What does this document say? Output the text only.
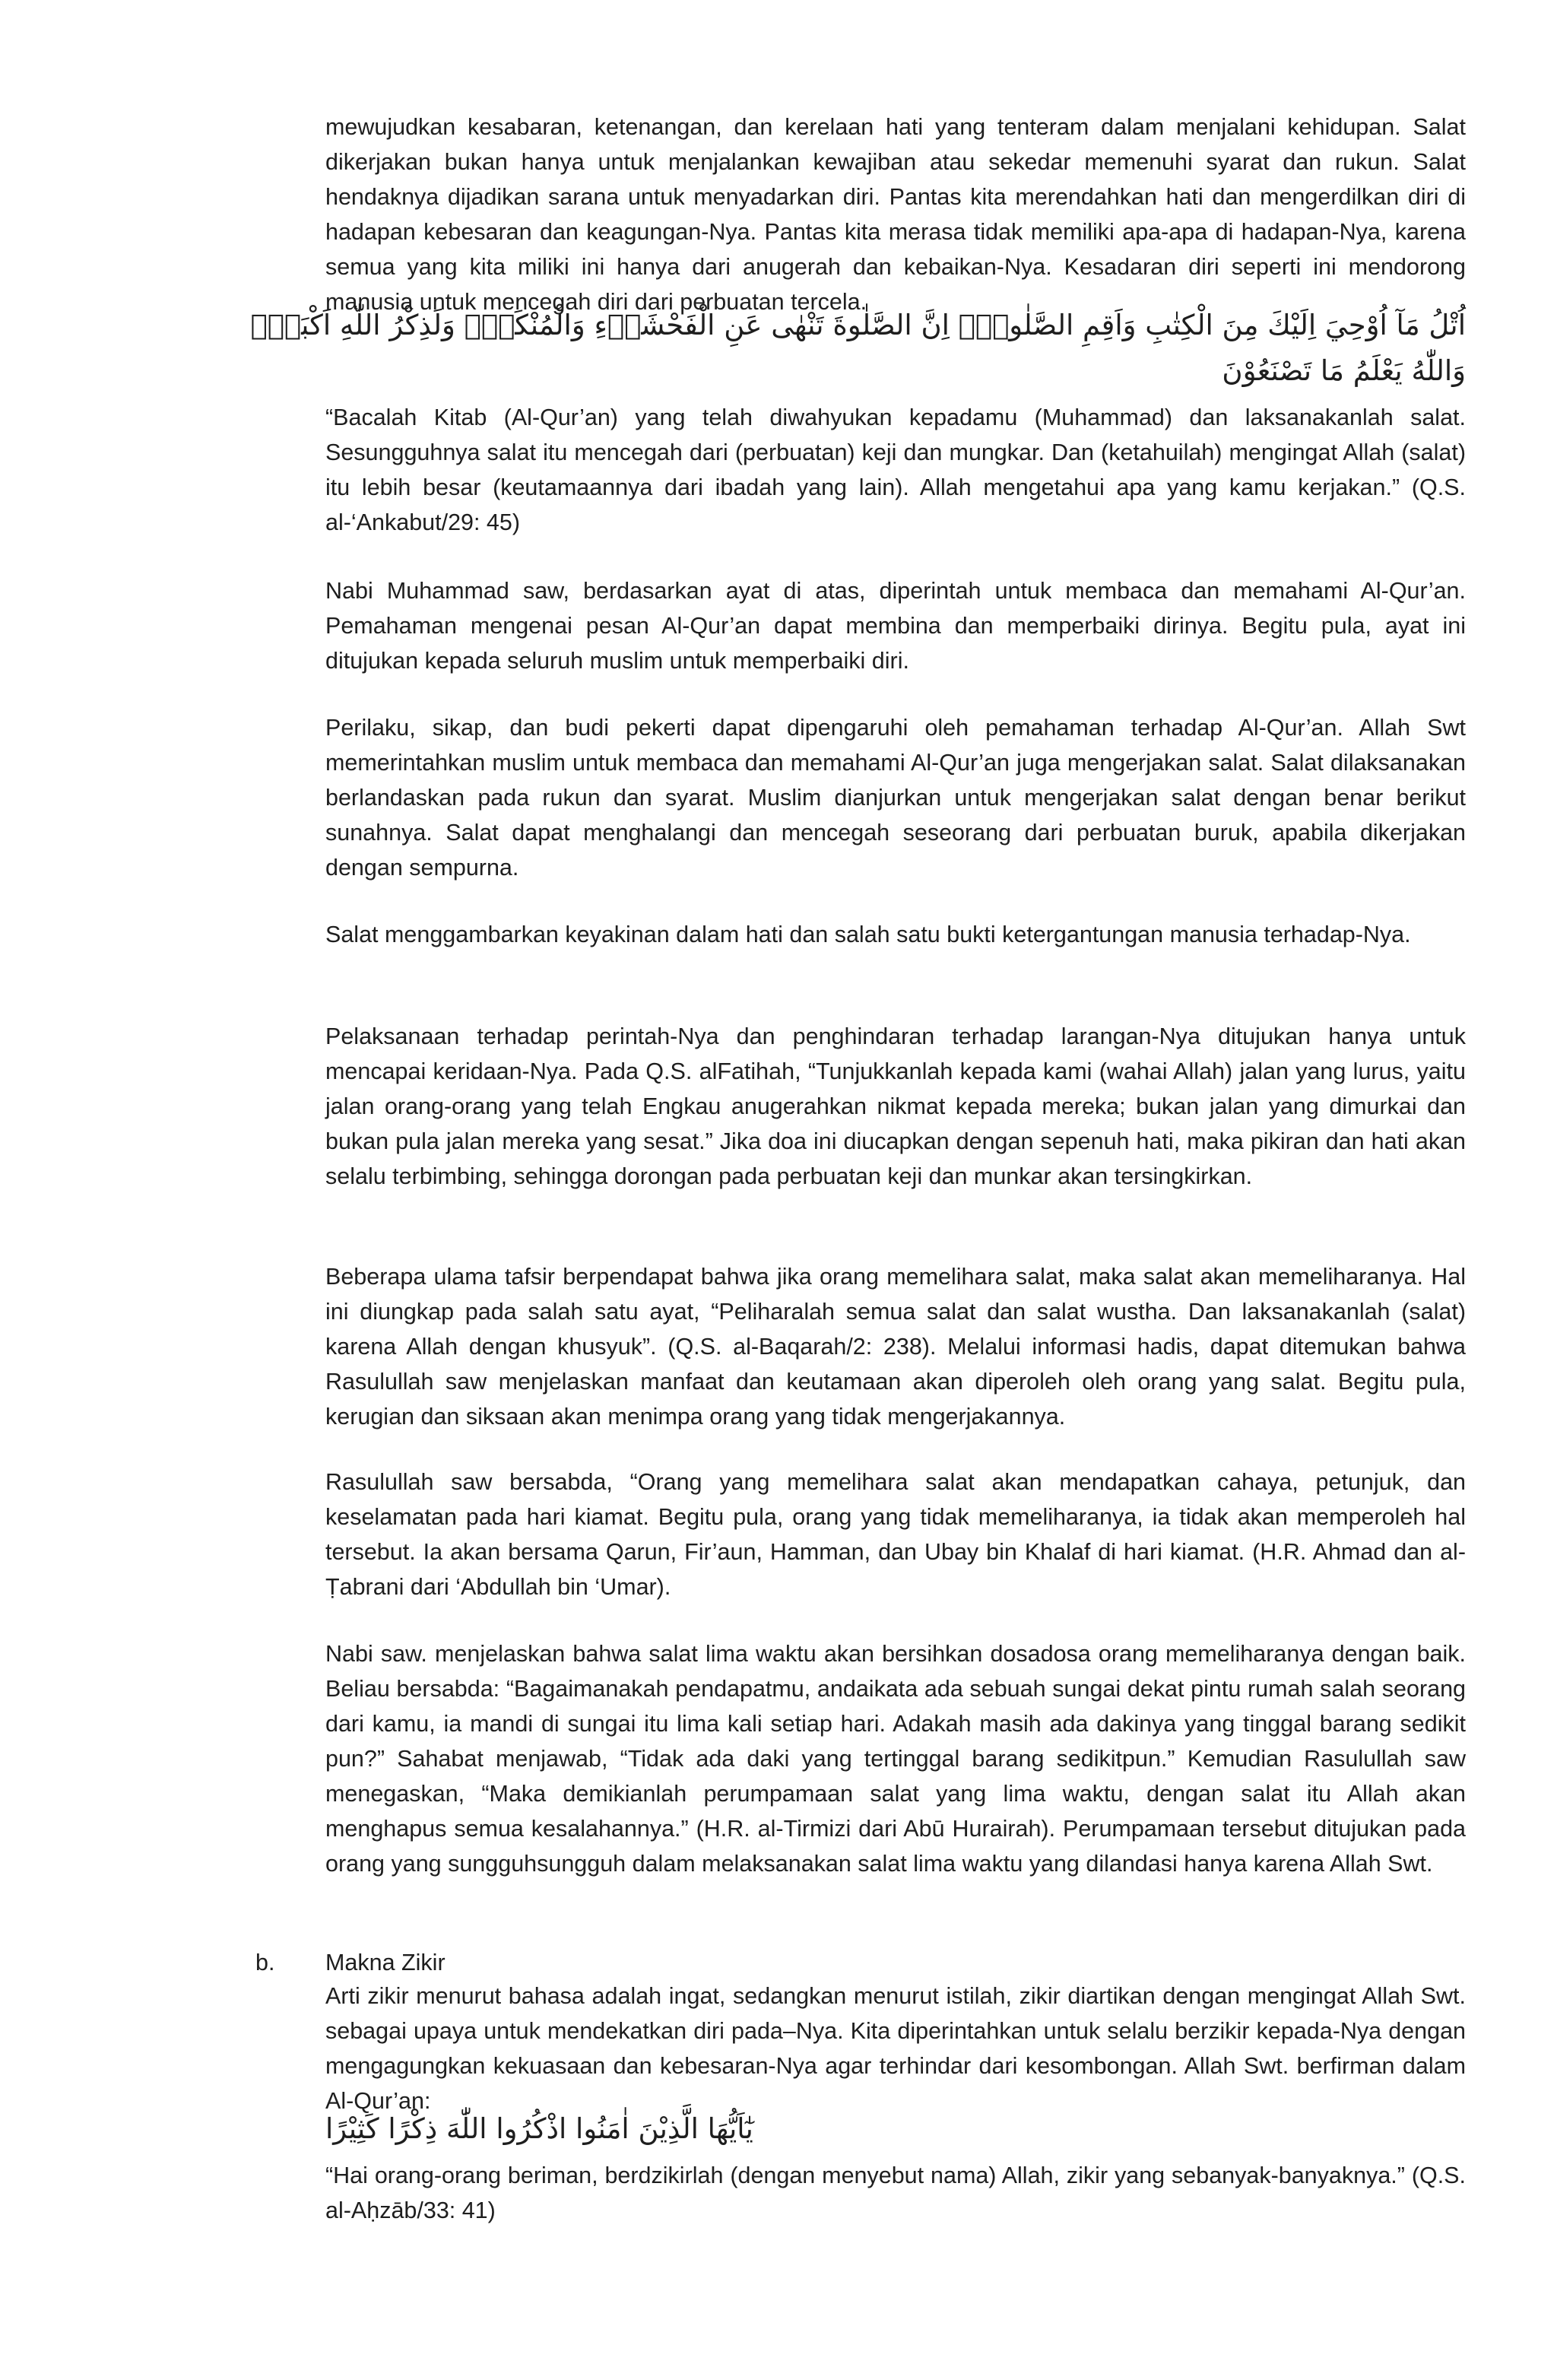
mewujudkan kesabaran, ketenangan, dan kerelaan hati yang tenteram dalam menjalani kehidupan. Salat dikerjakan bukan hanya untuk menjalankan kewajiban atau sekedar memenuhi syarat dan rukun. Salat hendaknya dijadikan sarana untuk menyadarkan diri. Pantas kita merendahkan hati dan mengerdilkan diri di hadapan kebesaran dan keagungan-Nya. Pantas kita merasa tidak memiliki apa-apa di hadapan-Nya, karena semua yang kita miliki ini hanya dari anugerah dan kebaikan-Nya. Kesadaran diri seperti ini mendorong manusia untuk mencegah diri dari perbuatan tercela.

اُتْلُ مَآ اُوْحِيَ اِلَيْكَ مِنَ الْكِتٰبِ وَاَقِمِ الصَّلٰوةَۗ اِنَّ الصَّلٰوةَ تَنْهٰى عَنِ الْفَحْشَاۤءِ وَالْمُنْكَرِۗ وَلَذِكْرُ اللّٰهِ اَكْبَرُۗ

وَاللّٰهُ يَعْلَمُ مَا تَصْنَعُوْنَ

“Bacalah Kitab (Al-Qur’an) yang telah diwahyukan kepadamu (Muhammad) dan laksanakanlah salat. Sesungguhnya salat itu mencegah dari (perbuatan) keji dan mungkar. Dan (ketahuilah) mengingat Allah (salat) itu lebih besar (keutamaannya dari ibadah yang lain). Allah mengetahui apa yang kamu kerjakan.” (Q.S. al-‘Ankabut/29: 45)

Nabi Muhammad saw, berdasarkan ayat di atas, diperintah untuk membaca dan memahami Al-Qur’an. Pemahaman mengenai pesan Al-Qur’an dapat membina dan memperbaiki dirinya. Begitu pula, ayat ini ditujukan kepada seluruh muslim untuk memperbaiki diri.

Perilaku, sikap, dan budi pekerti dapat dipengaruhi oleh pemahaman terhadap Al-Qur’an. Allah Swt memerintahkan muslim untuk membaca dan memahami Al-Qur’an juga mengerjakan salat. Salat dilaksanakan berlandaskan pada rukun dan syarat. Muslim dianjurkan untuk mengerjakan salat dengan benar berikut sunahnya. Salat dapat menghalangi dan mencegah seseorang dari perbuatan buruk, apabila dikerjakan dengan sempurna.

Salat menggambarkan keyakinan dalam hati dan salah satu bukti ketergantungan manusia terhadap-Nya.

Pelaksanaan terhadap perintah-Nya dan penghindaran terhadap larangan-Nya ditujukan hanya untuk mencapai keridaan-Nya. Pada Q.S. alFatihah, “Tunjukkanlah kepada kami (wahai Allah) jalan yang lurus, yaitu jalan orang-orang yang telah Engkau anugerahkan nikmat kepada mereka; bukan jalan yang dimurkai dan bukan pula jalan mereka yang sesat.” Jika doa ini diucapkan dengan sepenuh hati, maka pikiran dan hati akan selalu terbimbing, sehingga dorongan pada perbuatan keji dan munkar akan tersingkirkan.

Beberapa ulama tafsir berpendapat bahwa jika orang memelihara salat, maka salat akan memeliharanya. Hal ini diungkap pada salah satu ayat, “Peliharalah semua salat dan salat wustha. Dan laksanakanlah (salat) karena Allah dengan khusyuk”. (Q.S. al-Baqarah/2: 238). Melalui informasi hadis, dapat ditemukan bahwa Rasulullah saw menjelaskan manfaat dan keutamaan akan diperoleh oleh orang yang salat. Begitu pula, kerugian dan siksaan akan menimpa orang yang tidak mengerjakannya.

Rasulullah saw bersabda, “Orang yang memelihara salat akan mendapatkan cahaya, petunjuk, dan keselamatan pada hari kiamat. Begitu pula, orang yang tidak memeliharanya, ia tidak akan memperoleh hal tersebut. Ia akan bersama Qarun, Fir’aun, Hamman, dan Ubay bin Khalaf di hari kiamat. (H.R. Ahmad dan al-Ṭabrani dari ‘Abdullah bin ‘Umar).

Nabi saw. menjelaskan bahwa salat lima waktu akan bersihkan dosadosa orang memeliharanya dengan baik. Beliau bersabda: “Bagaimanakah pendapatmu, andaikata ada sebuah sungai dekat pintu rumah salah seorang dari kamu, ia mandi di sungai itu lima kali setiap hari. Adakah masih ada dakinya yang tinggal barang sedikit pun?” Sahabat menjawab, “Tidak ada daki yang tertinggal barang sedikitpun.” Kemudian Rasulullah saw menegaskan, “Maka demikianlah perumpamaan salat yang lima waktu, dengan salat itu Allah akan menghapus semua kesalahannya.” (H.R. al-Tirmizi dari Abū Hurairah). Perumpamaan tersebut ditujukan pada orang yang sungguhsungguh dalam melaksanakan salat lima waktu yang dilandasi hanya karena Allah Swt.

b. Makna Zikir

Arti zikir menurut bahasa adalah ingat, sedangkan menurut istilah, zikir diartikan dengan mengingat Allah Swt. sebagai upaya untuk mendekatkan diri pada–Nya. Kita diperintahkan untuk selalu berzikir kepada-Nya dengan mengagungkan kekuasaan dan kebesaran-Nya agar terhindar dari kesombongan. Allah Swt. berfirman dalam Al-Qur’an:

يٰٓاَيُّهَا الَّذِيْنَ اٰمَنُوا اذْكُرُوا اللّٰهَ ذِكْرًا كَثِيْرًا

“Hai orang-orang beriman, berdzikirlah (dengan menyebut nama) Allah, zikir yang sebanyak-banyaknya.” (Q.S. al-Aḥzāb/33: 41)
